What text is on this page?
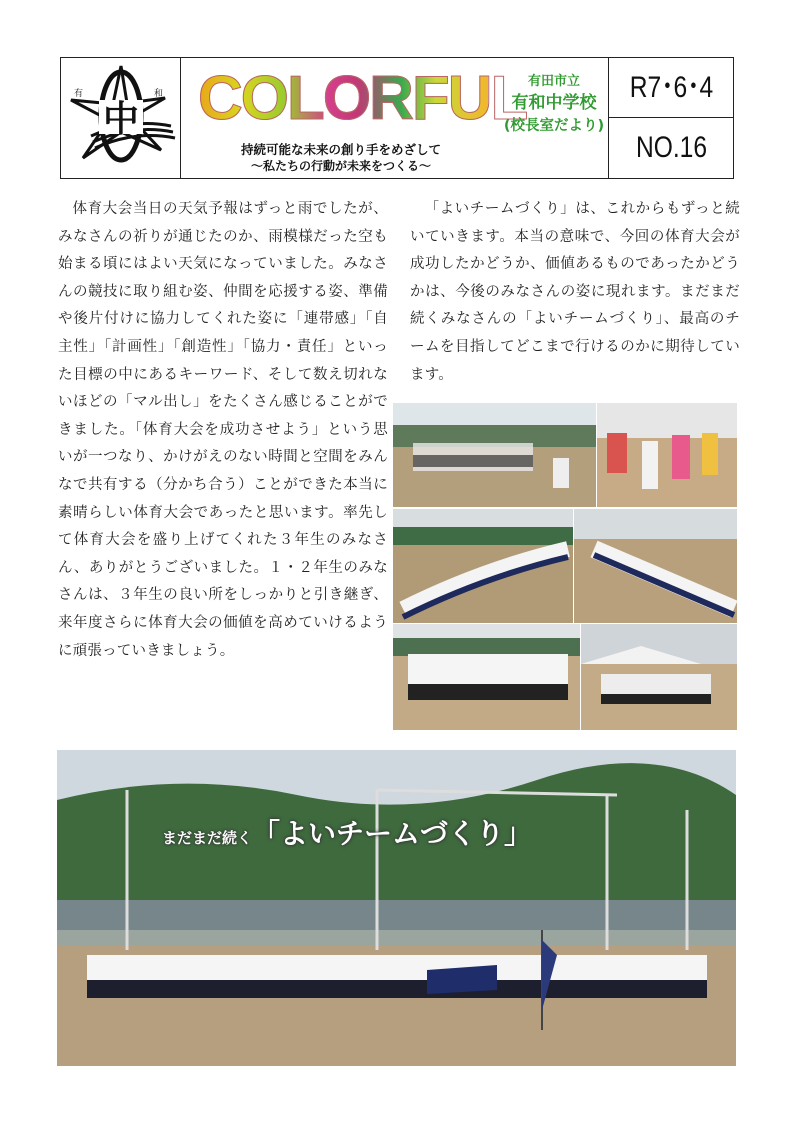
有	和
中 COLORFUL
持続可能な未来の創り手をめざして
～私たちの行動が未来をつくる～
有田市立
有和中学校
(校長室だより)
R7･6･4
NO.16

体育大会当日の天気予報はずっと雨でしたが、みなさんの祈りが通じたのか、雨模様だった空も始まる頃にはよい天気になっていました。みなさんの競技に取り組む姿、仲間を応援する姿、準備や後片付けに協力してくれた姿に「連帯感」「自主性」「計画性」「創造性」「協力・責任」といった目標の中にあるキーワード、そして数え切れないほどの「マル出し」をたくさん感じることができました。「体育大会を成功させよう」という思いが一つなり、かけがえのない時間と空間をみんなで共有する（分かち合う）ことができた本当に素晴らしい体育大会であったと思います。率先して体育大会を盛り上げてくれた３年生のみなさん、ありがとうございました。１・２年生のみなさんは、３年生の良い所をしっかりと引き継ぎ、来年度さらに体育大会の価値を高めていけるように頑張っていきましょう。

「よいチームづくり」は、これからもずっと続いていきます。本当の意味で、今回の体育大会が成功したかどうか、価値あるものであったかどうかは、今後のみなさんの姿に現れます。まだまだ続くみなさんの「よいチームづくり」、最高のチームを目指してどこまで行けるのかに期待しています。

まだまだ続く「よいチームづくり」
